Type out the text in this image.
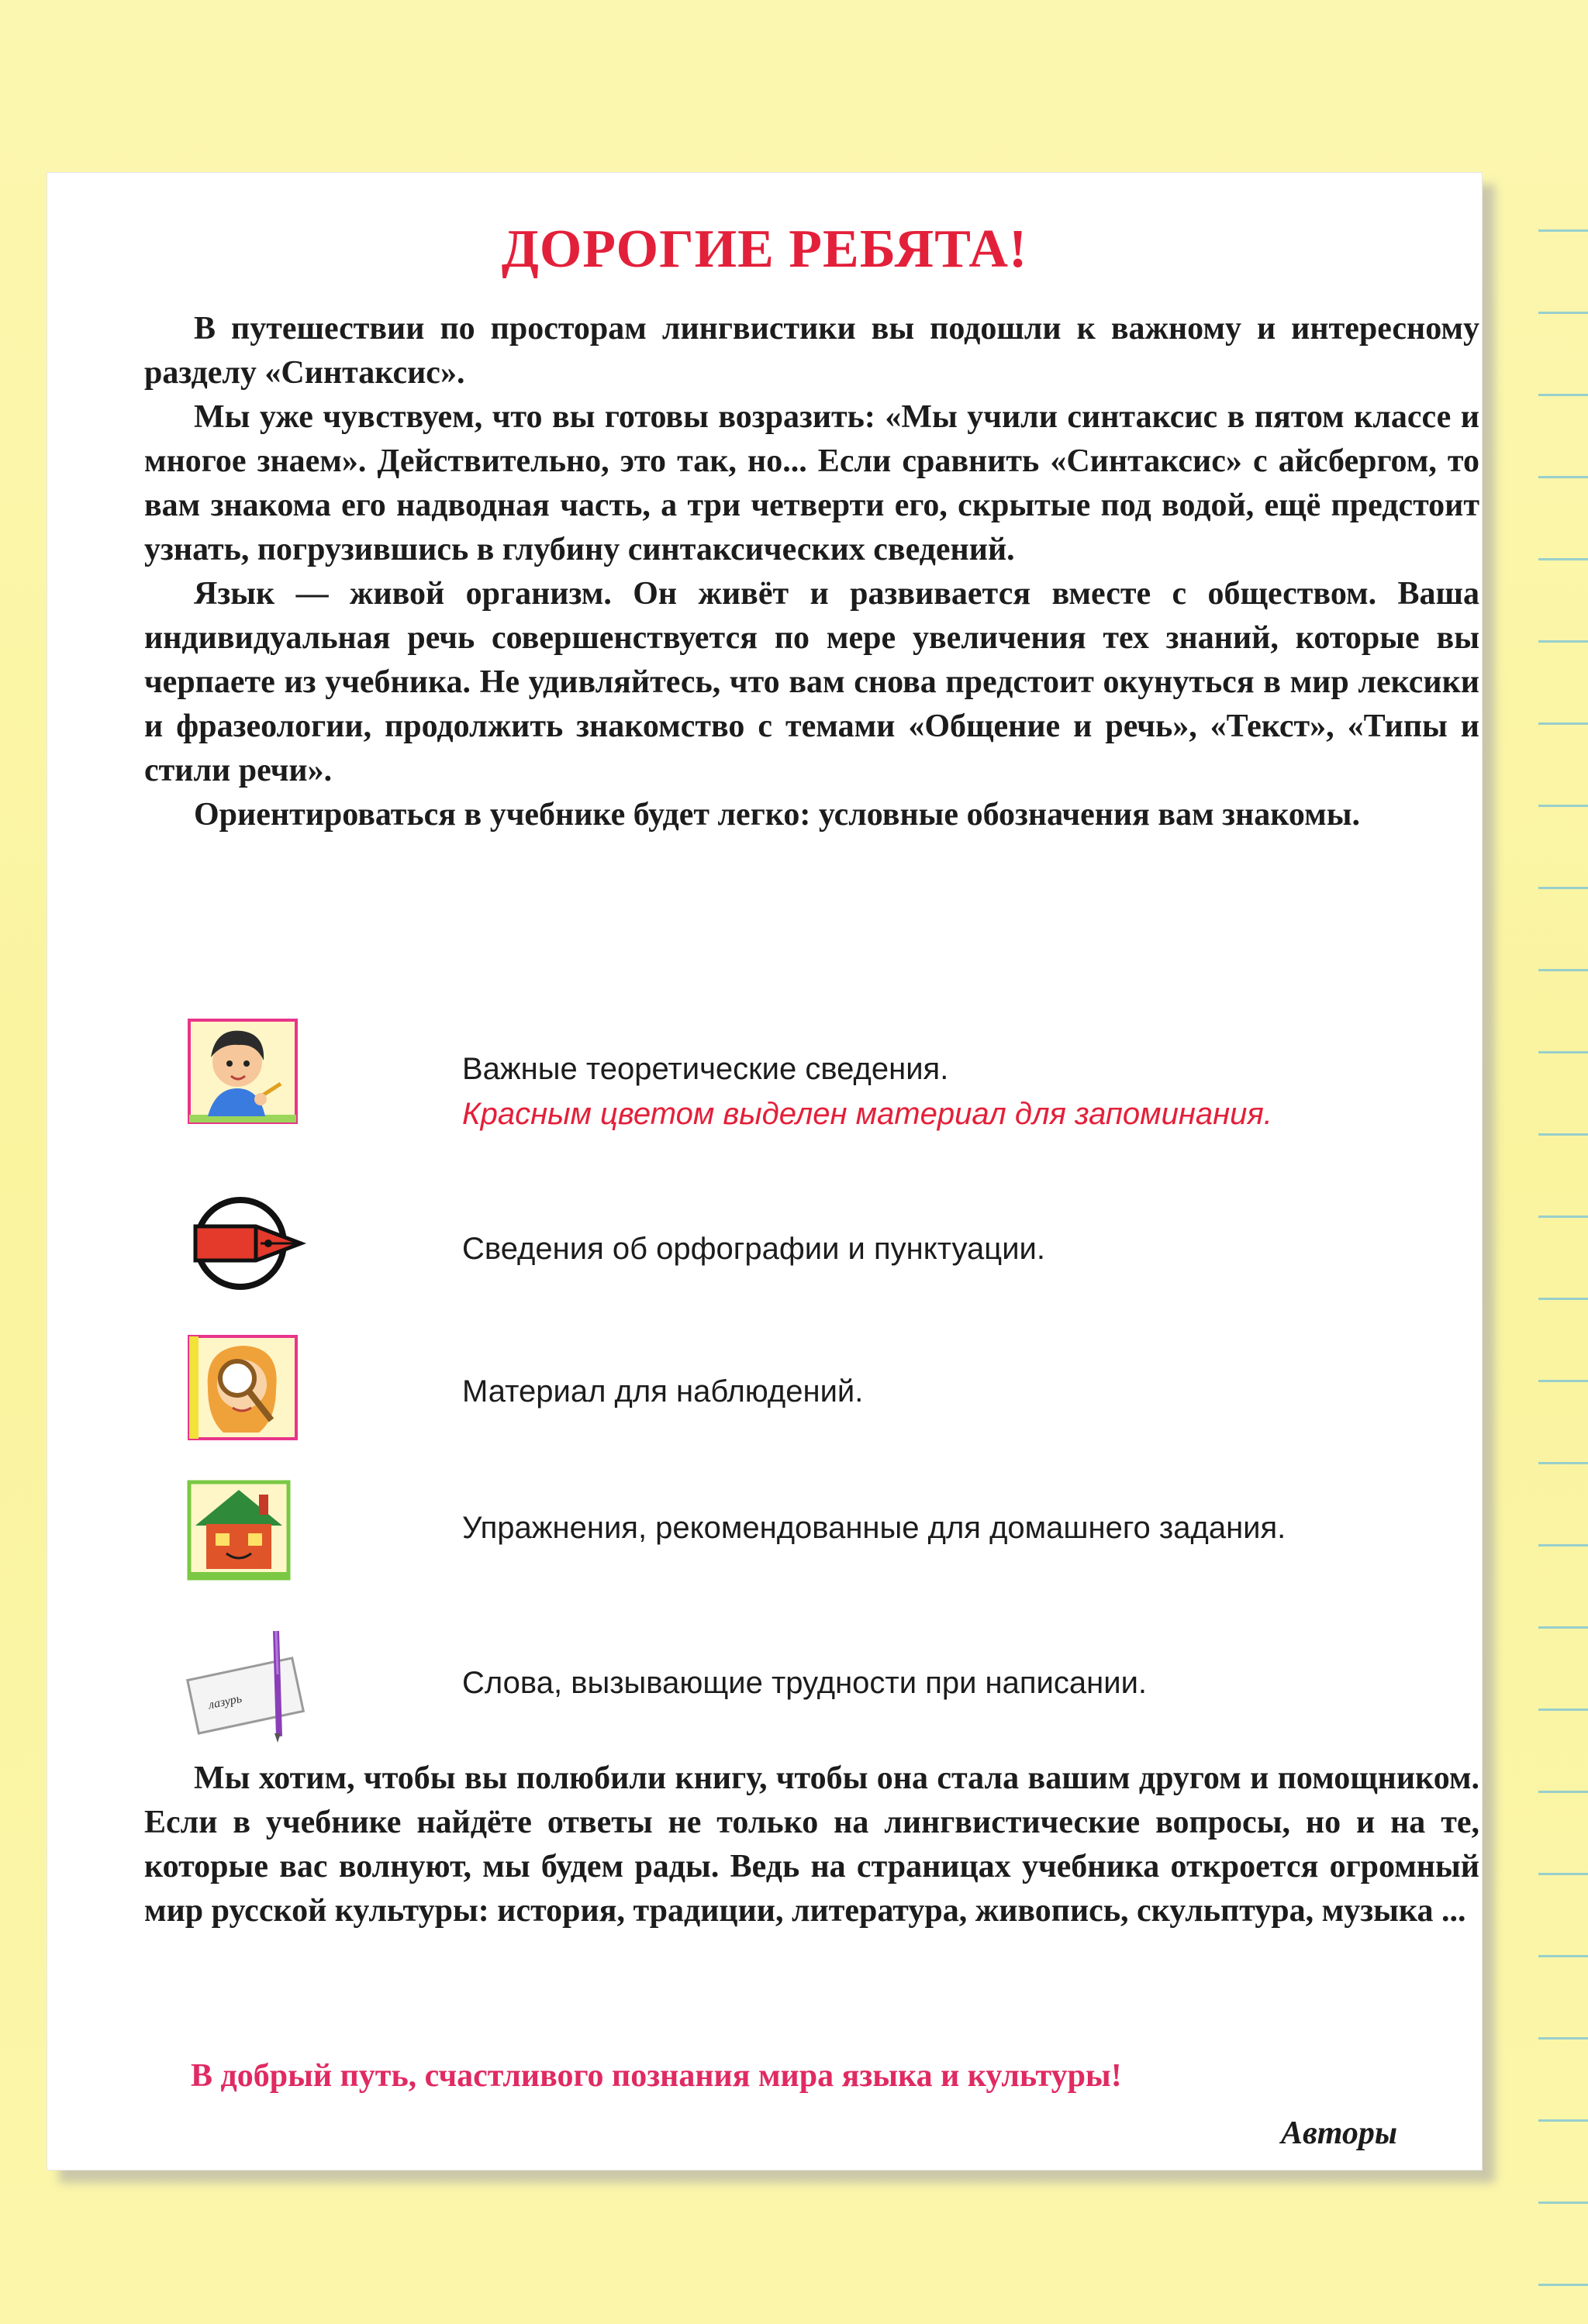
ДОРОГИЕ РЕБЯТА!

В путешествии по просторам лингвистики вы подошли к важному и интересному разделу «Синтаксис».

Мы уже чувствуем, что вы готовы возразить: «Мы учили синтаксис в пятом классе и многое знаем». Действительно, это так, но... Если сравнить «Синтаксис» с айсбергом, то вам знакома его надводная часть, а три четверти его, скрытые под водой, ещё предстоит узнать, погрузившись в глубину синтаксических сведений.

Язык — живой организм. Он живёт и развивается вместе с обществом. Ваша индивидуальная речь совершенствуется по мере увеличения тех знаний, которые вы черпаете из учебника. Не удивляйтесь, что вам снова предстоит окунуться в мир лексики и фразеологии, продолжить знакомство с темами «Общение и речь», «Текст», «Типы и стили речи».

Ориентироваться в учебнике будет легко: условные обозначения вам знакомы.

Важные теоретические сведения.
Красным цветом выделен материал для запоминания.
Сведения об орфографии и пунктуации.
Материал для наблюдений.
Упражнения, рекомендованные для домашнего задания.
лазурь
Слова, вызывающие трудности при написании.

Мы хотим, чтобы вы полюбили книгу, чтобы она стала вашим другом и помощником. Если в учебнике найдёте ответы не только на лингвистические вопросы, но и на те, которые вас волнуют, мы будем рады. Ведь на страницах учебника откроется огромный мир русской культуры: история, традиции, литература, живопись, скульптура, музыка ...

В добрый путь, счастливого познания мира языка и культуры!
Авторы
